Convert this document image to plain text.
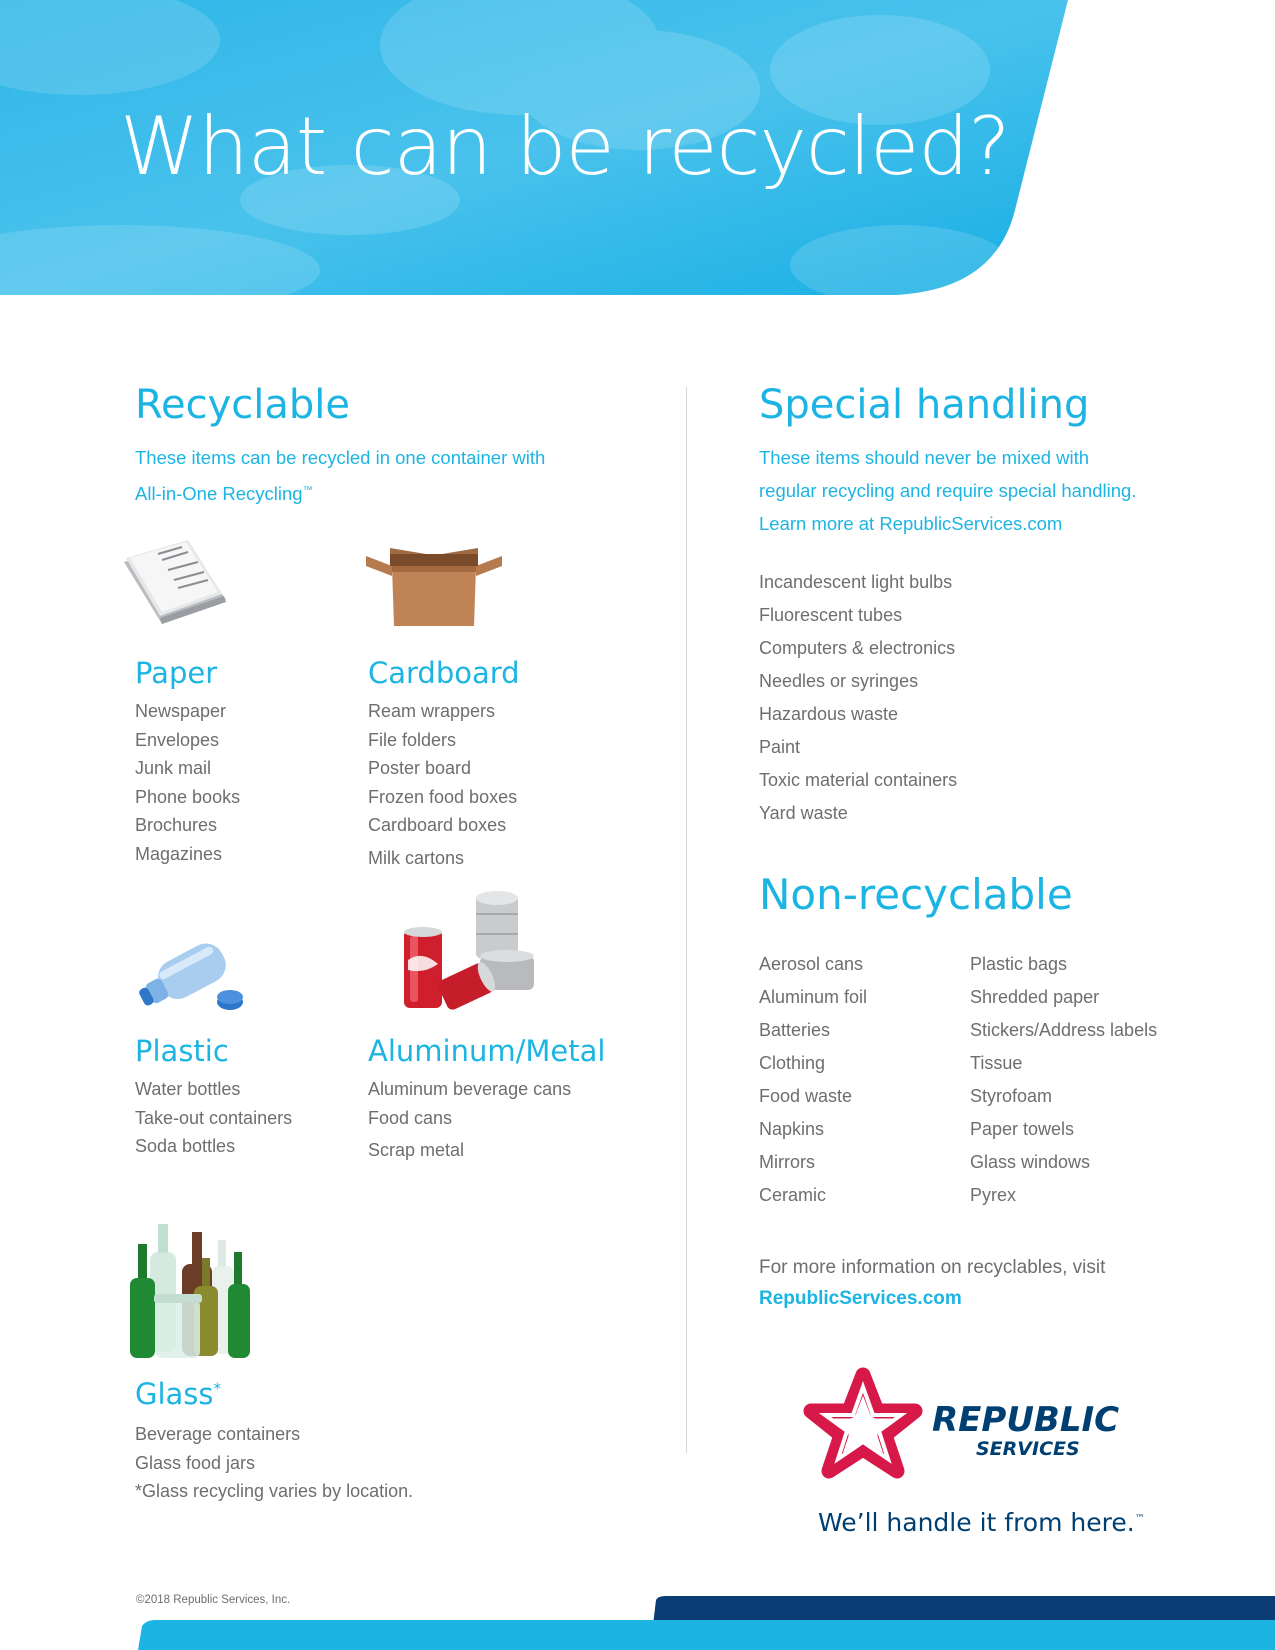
What can be recycled?
Recyclable
These items can be recycled in one container with
All-in-One Recycling™
Paper
Newspaper
Envelopes
Junk mail
Phone books
Brochures
Magazines
Cardboard
Ream wrappers
File folders
Poster board
Frozen food boxes
Cardboard boxes
Milk cartons
Plastic
Water bottles
Take-out containers
Soda bottles
Aluminum/Metal
Aluminum beverage cans
Food cans
Scrap metal
Glass*
Beverage containers
Glass food jars
*Glass recycling varies by location.
Special handling
These items should never be mixed with
regular recycling and require special handling.
Learn more at RepublicServices.com
Incandescent light bulbs
Fluorescent tubes
Computers & electronics
Needles or syringes
Hazardous waste
Paint
Toxic material containers
Yard waste
Non-recyclable
Aerosol cans
Aluminum foil
Batteries
Clothing
Food waste
Napkins
Mirrors
Ceramic
Plastic bags
Shredded paper
Stickers/Address labels
Tissue
Styrofoam
Paper towels
Glass windows
Pyrex
For more information on recyclables, visit
RepublicServices.com
REPUBLIC
SERVICES
We’ll handle it from here.™
©2018 Republic Services, Inc.
